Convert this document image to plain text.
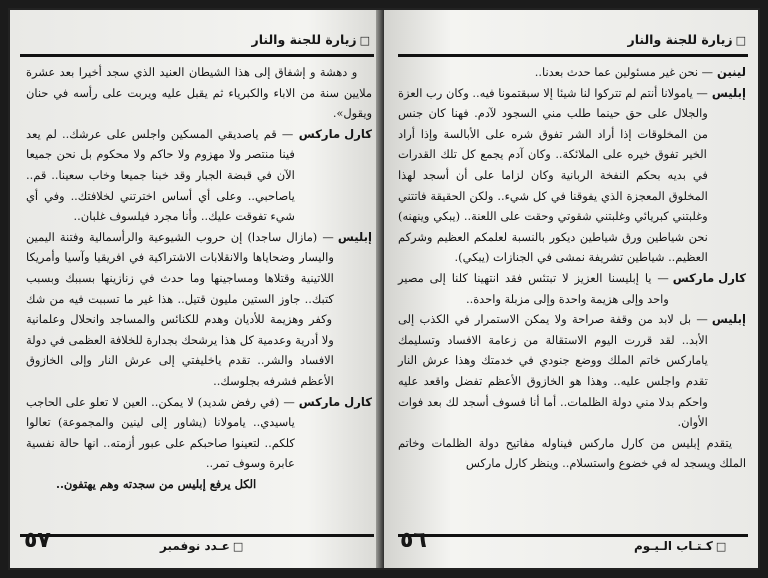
□زيارة للجنة والنار
و دهشة و إشفاق إلى هذا الشيطان العنيد الذي سجد أخيرا بعد عشرة ملايين سنة من الاباء والكبرياء ثم يقبل عليه ويربت على رأسه في حنان ويقول».
كارل ماركس
— قم ياصديقي المسكين واجلس على عرشك.. لم يعد فينا منتصر ولا مهزوم ولا حاكم ولا محكوم بل نحن جميعا الآن في قبضة الجبار وقد خبنا جميعا وخاب سعينا.. قم.. ياصاحبي.. وعلى أي أساس اخترتني لخلافتك.. وفي أي شيء تفوقت عليك.. وأنا مجرد فيلسوف غلبان..
إبليس
— (مازال ساجدا) إن حروب الشيوعية والرأسمالية وفتنة اليمين واليسار وضحاياها والانقلابات الاشتراكية في افريقيا وآسيا وأمريكا اللاتينية وقتلاها ومساجينها وما حدث في زنازينها بسببك وبسبب كتبك.. جاوز الستين مليون قتيل.. هذا غير ما تسببت فيه من شك وكفر وهزيمة للأديان وهدم للكنائس والمساجد وانحلال وعلمانية ولا أدرية وعدمية كل هذا يرشحك بجدارة للخلافة العظمى في دولة الافساد والشر.. تقدم ياخليفتي إلى عرش النار وإلى الخازوق الأعظم فشرفه بجلوسك..
كارل ماركس
— (في رفض شديد) لا يمكن.. العين لا تعلو على الحاجب ياسيدي.. يامولانا (يشاور إلى لينين والمجموعة) تعالوا كلكم.. لتعينوا صاحبكم على عبور أزمته.. انها حالة نفسية عابرة وسوف تمر..
الكل يرفع إبليس من سجدته وهم يهتفون..
٥٧	□عـدد نوفمبر
□زيارة للجنة والنار
لينين
— نحن غير مسئولين عما حدث بعدنا..
إبليس
— يامولانا أنتم لم تتركوا لنا شيئا إلا سبقتمونا فيه.. وكان رب العزة والجلال على حق حينما طلب مني السجود لآدم. فهنا كان جنس من المخلوقات إذا أراد الشر تفوق شره على الأبالسة وإذا أراد الخير تفوق خيره على الملائكة.. وكان آدم يجمع كل تلك القدرات في بديه بحكم النفخة الربانية وكان لزاما على أن أسجد لهذا المخلوق المعجزة الذي يفوقنا في كل شيء.. ولكن الحقيقة فاتتني وغلبتني كبريائي وغلبتني شقوتي وحقت على اللعنة.. (يبكي وينهنه) نحن شياطين ورق شياطين ديكور بالنسبة لعلمكم العظيم وشركم العظيم.. شياطين تشريفة نمشى في الجنازات (يبكي).
كارل ماركس
— يا إبليسنا العزيز لا تبتئس فقد انتهينا كلنا إلى مصير واحد وإلى هزيمة واحدة وإلى مزبلة واحدة..
إبليس
— بل لابد من وقفة صراحة ولا يمكن الاستمرار في الكذب إلى الأبد.. لقد قررت اليوم الاستقالة من زعامة الافساد وتسليمك ياماركس خاتم الملك ووضع جنودي في خدمتك وهذا عرش النار تقدم واجلس عليه.. وهذا هو الخازوق الأعظم تفضل واقعد عليه واحكم بدلا مني دولة الظلمات.. أما أنا فسوف أسجد لك بعد فوات الأوان.
يتقدم إبليس من كارل ماركس فيناوله مفاتيح دولة الظلمات وخاتم الملك ويسجد له في خضوع واستسلام.. وينظر كارل ماركس
٥٦	□كـتـاب الـيـوم
